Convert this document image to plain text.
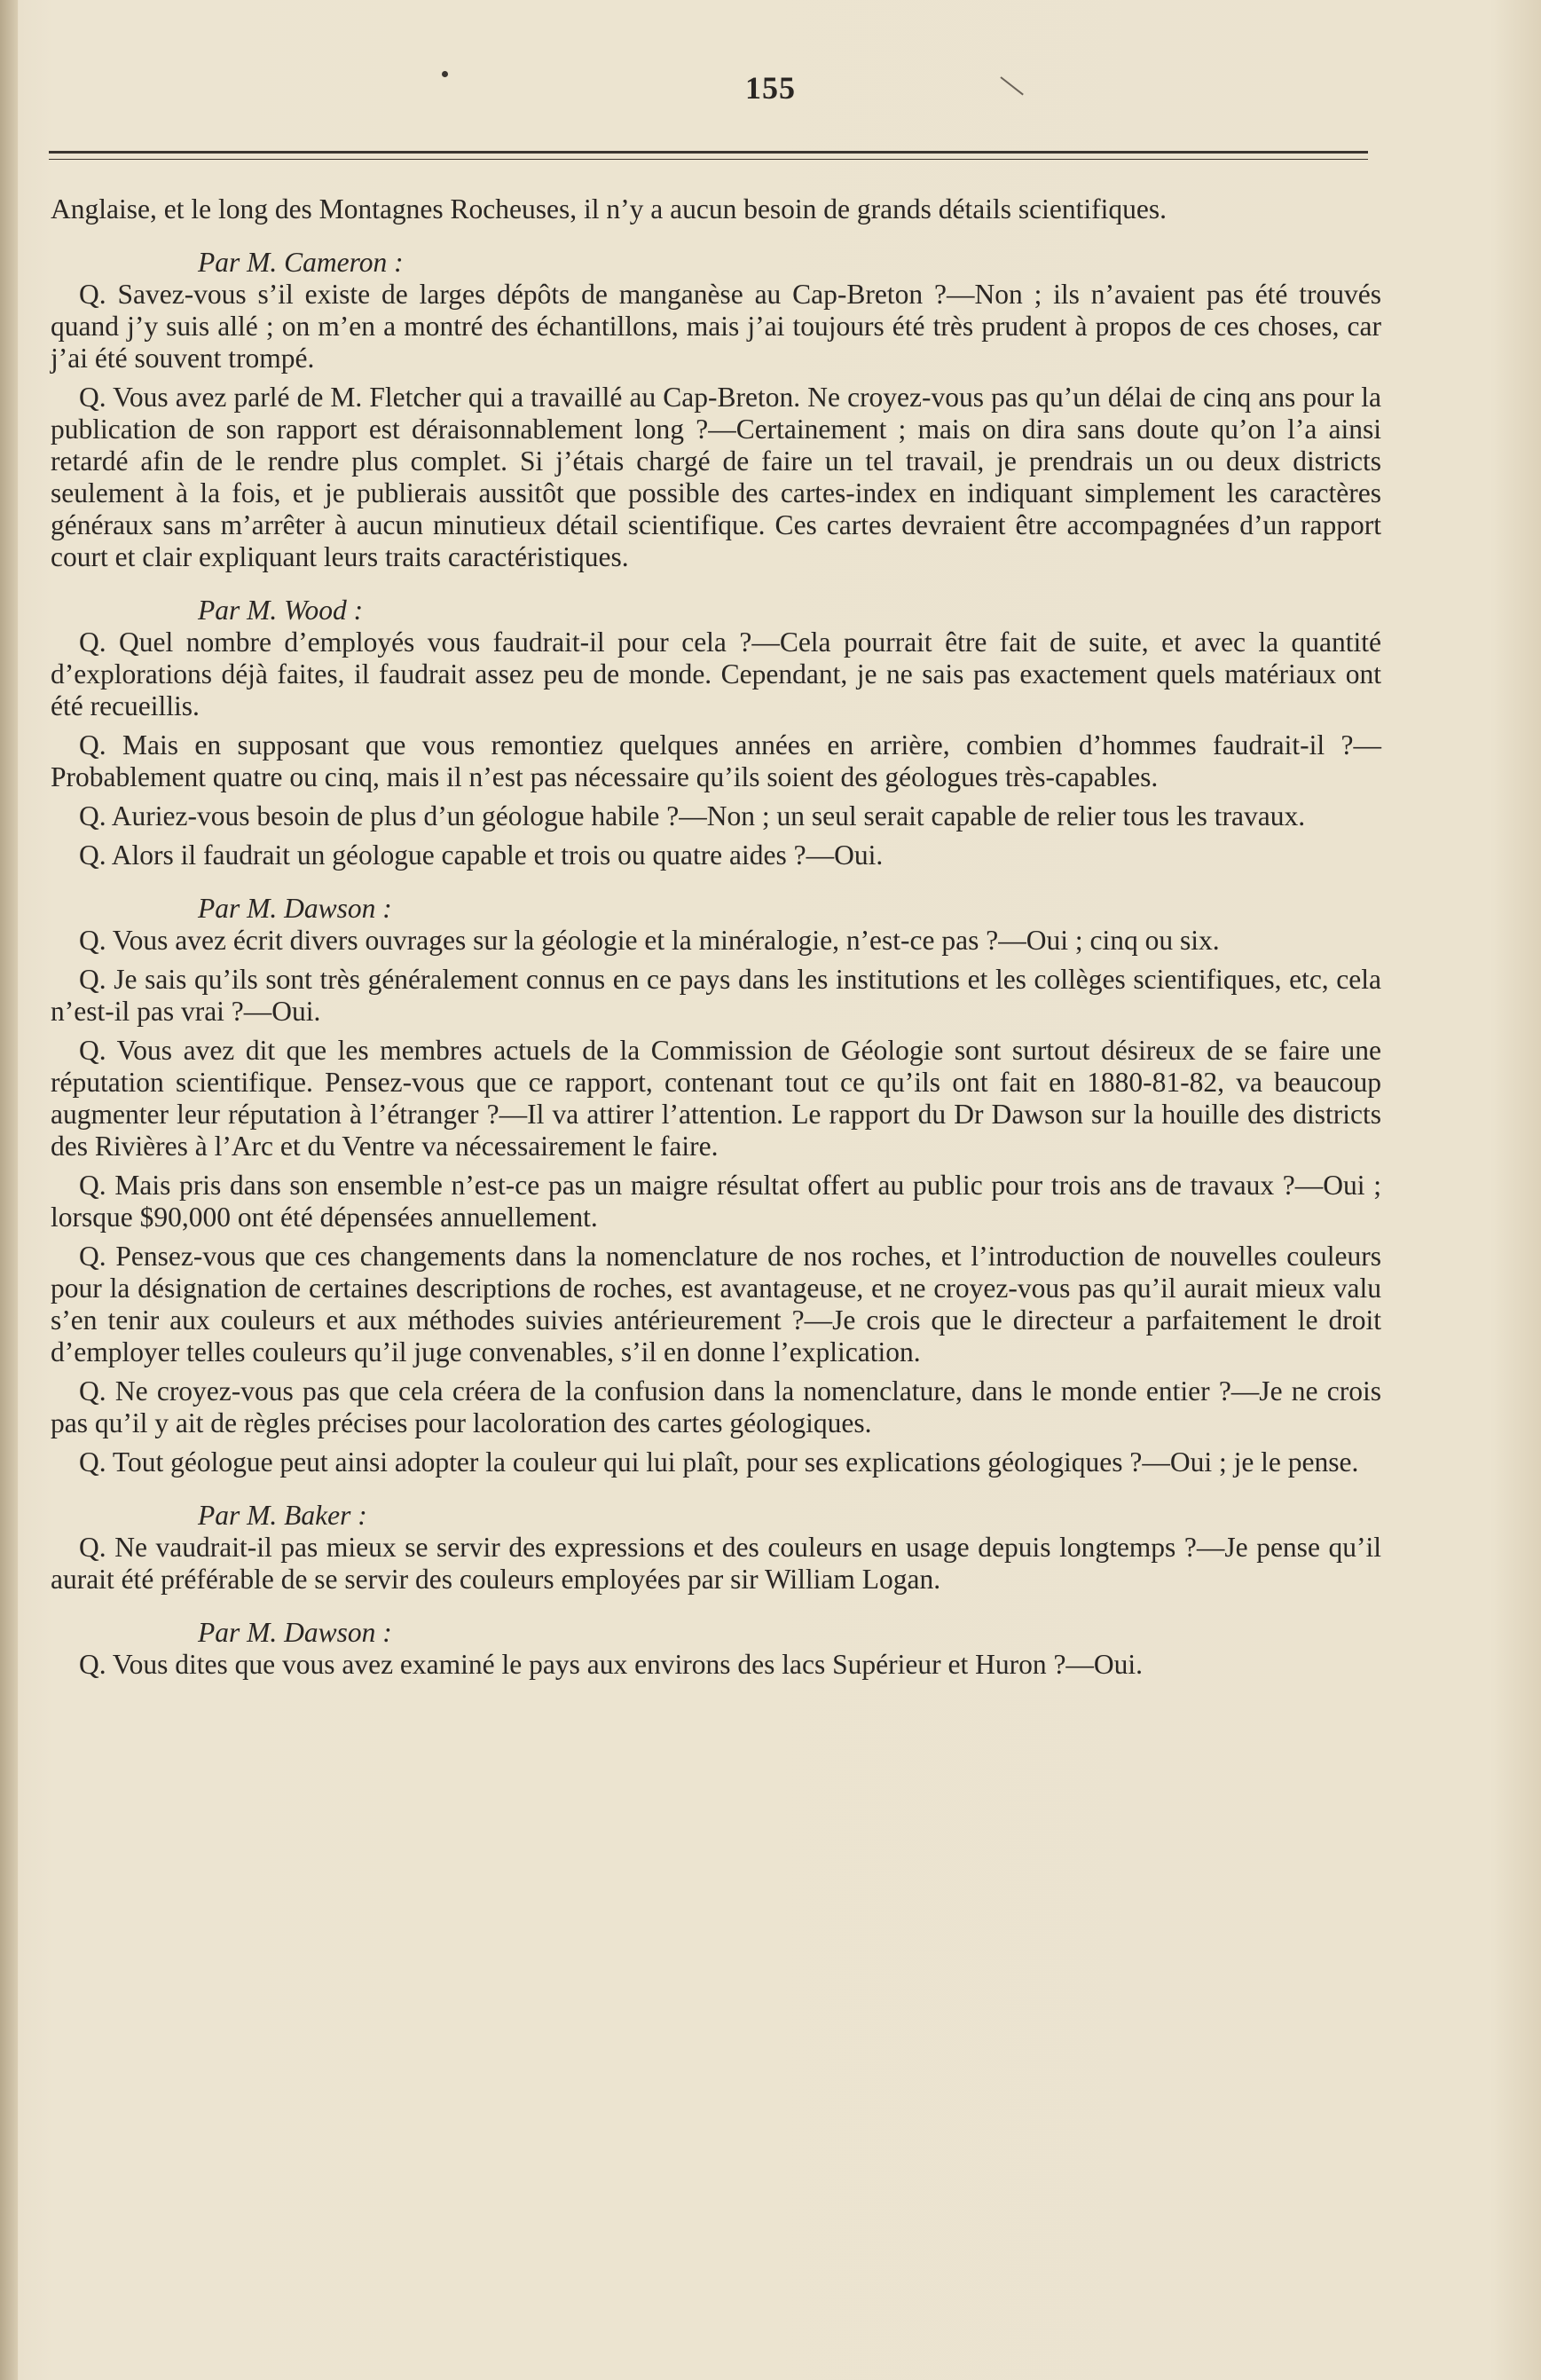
155

Anglaise, et le long des Montagnes Rocheuses, il n’y a aucun besoin de grands détails scientifiques.

Par M. Cameron :

Q. Savez-vous s’il existe de larges dépôts de manganèse au Cap-Breton ?—Non ; ils n’avaient pas été trouvés quand j’y suis allé ; on m’en a montré des échantillons, mais j’ai toujours été très prudent à propos de ces choses, car j’ai été souvent trompé.

Q. Vous avez parlé de M. Fletcher qui a travaillé au Cap-Breton. Ne croyez-vous pas qu’un délai de cinq ans pour la publication de son rapport est déraisonnablement long ?—Certainement ; mais on dira sans doute qu’on l’a ainsi retardé afin de le rendre plus complet. Si j’étais chargé de faire un tel travail, je prendrais un ou deux districts seulement à la fois, et je publierais aussitôt que possible des cartes-index en indiquant simplement les caractères généraux sans m’arrêter à aucun minutieux détail scientifique. Ces cartes devraient être accompagnées d’un rapport court et clair expliquant leurs traits caractéristiques.

Par M. Wood :

Q. Quel nombre d’employés vous faudrait-il pour cela ?—Cela pourrait être fait de suite, et avec la quantité d’explorations déjà faites, il faudrait assez peu de monde. Cependant, je ne sais pas exactement quels matériaux ont été recueillis.

Q. Mais en supposant que vous remontiez quelques années en arrière, combien d’hommes faudrait-il ?—Probablement quatre ou cinq, mais il n’est pas nécessaire qu’ils soient des géologues très-capables.

Q. Auriez-vous besoin de plus d’un géologue habile ?—Non ; un seul serait capable de relier tous les travaux.

Q. Alors il faudrait un géologue capable et trois ou quatre aides ?—Oui.

Par M. Dawson :

Q. Vous avez écrit divers ouvrages sur la géologie et la minéralogie, n’est-ce pas ?—Oui ; cinq ou six.

Q. Je sais qu’ils sont très généralement connus en ce pays dans les institutions et les collèges scientifiques, etc, cela n’est-il pas vrai ?—Oui.

Q. Vous avez dit que les membres actuels de la Commission de Géologie sont surtout désireux de se faire une réputation scientifique. Pensez-vous que ce rapport, contenant tout ce qu’ils ont fait en 1880-81-82, va beaucoup augmenter leur réputation à l’étranger ?—Il va attirer l’attention. Le rapport du Dr Dawson sur la houille des districts des Rivières à l’Arc et du Ventre va nécessairement le faire.

Q. Mais pris dans son ensemble n’est-ce pas un maigre résultat offert au public pour trois ans de travaux ?—Oui ; lorsque $90,000 ont été dépensées annuellement.

Q. Pensez-vous que ces changements dans la nomenclature de nos roches, et l’introduction de nouvelles couleurs pour la désignation de certaines descriptions de roches, est avantageuse, et ne croyez-vous pas qu’il aurait mieux valu s’en tenir aux couleurs et aux méthodes suivies antérieurement ?—Je crois que le directeur a parfaitement le droit d’employer telles couleurs qu’il juge convenables, s’il en donne l’explication.

Q. Ne croyez-vous pas que cela créera de la confusion dans la nomenclature, dans le monde entier ?—Je ne crois pas qu’il y ait de règles précises pour lacoloration des cartes géologiques.

Q. Tout géologue peut ainsi adopter la couleur qui lui plaît, pour ses explications géologiques ?—Oui ; je le pense.

Par M. Baker :

Q. Ne vaudrait-il pas mieux se servir des expressions et des couleurs en usage depuis longtemps ?—Je pense qu’il aurait été préférable de se servir des couleurs employées par sir William Logan.

Par M. Dawson :

Q. Vous dites que vous avez examiné le pays aux environs des lacs Supérieur et Huron ?—Oui.
